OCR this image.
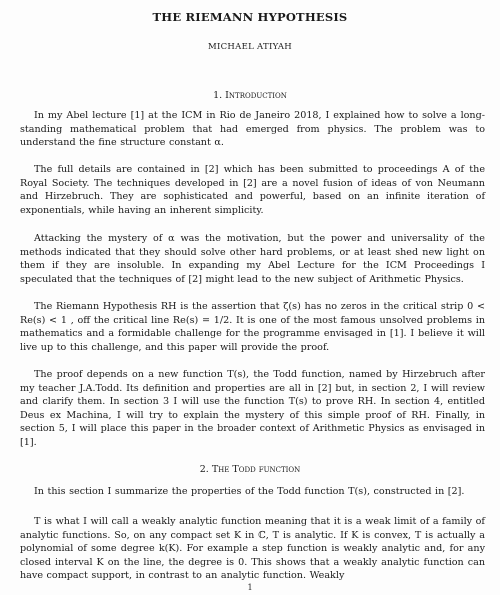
THE RIEMANN HYPOTHESIS
MICHAEL ATIYAH
1. Introduction
In my Abel lecture [1] at the ICM in Rio de Janeiro 2018, I explained how to solve a long-standing mathematical problem that had emerged from physics. The problem was to understand the fine structure constant α.
The full details are contained in [2] which has been submitted to proceedings A of the Royal Society. The techniques developed in [2] are a novel fusion of ideas of von Neumann and Hirzebruch. They are sophisticated and powerful, based on an infinite iteration of exponentials, while having an inherent simplicity.
Attacking the mystery of α was the motivation, but the power and universality of the methods indicated that they should solve other hard problems, or at least shed new light on them if they are insoluble. In expanding my Abel Lecture for the ICM Proceedings I speculated that the techniques of [2] might lead to the new subject of Arithmetic Physics.
The Riemann Hypothesis RH is the assertion that ζ(s) has no zeros in the critical strip 0 < Re(s) < 1 , off the critical line Re(s) = 1/2. It is one of the most famous unsolved problems in mathematics and a formidable challenge for the programme envisaged in [1]. I believe it will live up to this challenge, and this paper will provide the proof.
The proof depends on a new function T(s), the Todd function, named by Hirzebruch after my teacher J.A.Todd. Its definition and properties are all in [2] but, in section 2, I will review and clarify them. In section 3 I will use the function T(s) to prove RH. In section 4, entitled Deus ex Machina, I will try to explain the mystery of this simple proof of RH. Finally, in section 5, I will place this paper in the broader context of Arithmetic Physics as envisaged in [1].
2. The Todd function
In this section I summarize the properties of the Todd function T(s), constructed in [2].
T is what I will call a weakly analytic function meaning that it is a weak limit of a family of analytic functions. So, on any compact set K in ℂ, T is analytic. If K is convex, T is actually a polynomial of some degree k(K). For example a step function is weakly analytic and, for any closed interval K on the line, the degree is 0. This shows that a weakly analytic function can have compact support, in contrast to an analytic function. Weakly
1
